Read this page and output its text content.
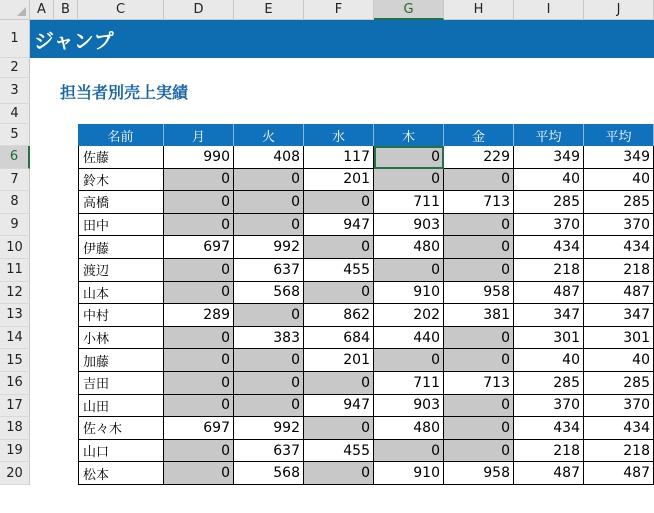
A	B	C	D	E	F	G	H	I	J
1
2
3
4
5
6
7
8
9
10
11
12
13
14
15
16
17
18
19
20
ジャンプ
担当者別売上実績
名前	月	火	水	木	金	平均	平均
佐藤	990	408	117	0	229	349	349
鈴木	0	0	201	0	0	40	40
高橋	0	0	0	711	713	285	285
田中	0	0	947	903	0	370	370
伊藤	697	992	0	480	0	434	434
渡辺	0	637	455	0	0	218	218
山本	0	568	0	910	958	487	487
中村	289	0	862	202	381	347	347
小林	0	383	684	440	0	301	301
加藤	0	0	201	0	0	40	40
吉田	0	0	0	711	713	285	285
山田	0	0	947	903	0	370	370
佐々木	697	992	0	480	0	434	434
山口	0	637	455	0	0	218	218
松本	0	568	0	910	958	487	487
